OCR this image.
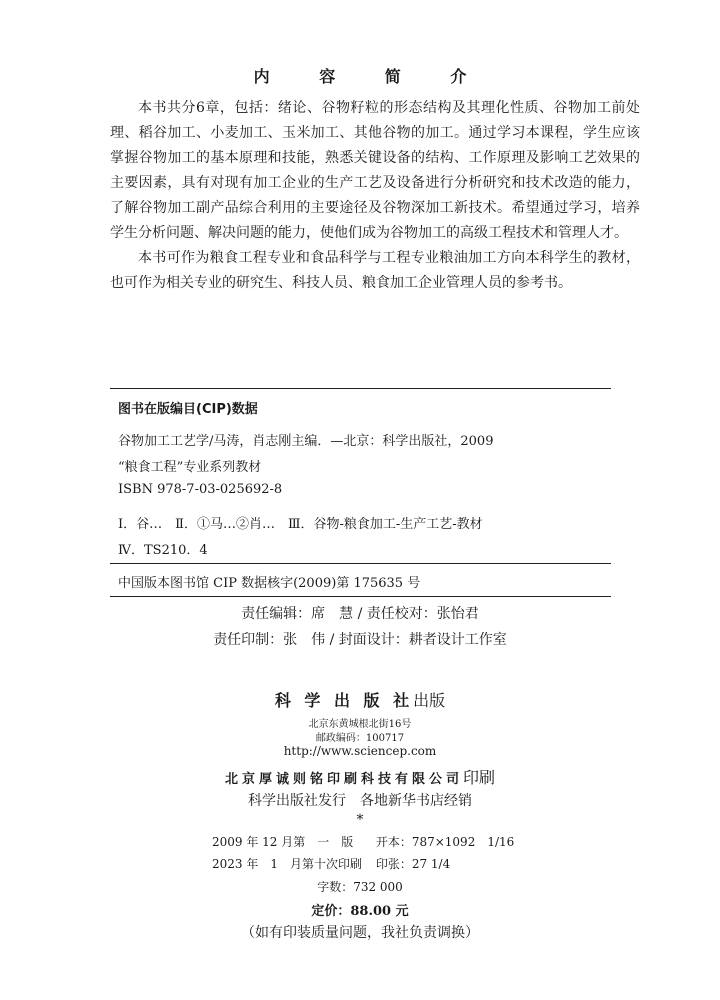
内 容 简 介

本书共分6章，包括：绪论、谷物籽粒的形态结构及其理化性质、谷物加工前处理、稻谷加工、小麦加工、玉米加工、其他谷物的加工。通过学习本课程，学生应该掌握谷物加工的基本原理和技能，熟悉关键设备的结构、工作原理及影响工艺效果的主要因素，具有对现有加工企业的生产工艺及设备进行分析研究和技术改造的能力，了解谷物加工副产品综合利用的主要途径及谷物深加工新技术。希望通过学习，培养学生分析问题、解决问题的能力，使他们成为谷物加工的高级工程技术和管理人才。

本书可作为粮食工程专业和食品科学与工程专业粮油加工方向本科学生的教材，也可作为相关专业的研究生、科技人员、粮食加工企业管理人员的参考书。

图书在版编目(CIP)数据
谷物加工工艺学/马涛，肖志刚主编．—北京：科学出版社，2009
“粮食工程”专业系列教材
ISBN 978-7-03-025692-8
Ⅰ．谷…　Ⅱ．①马…②肖…　Ⅲ．谷物-粮食加工-生产工艺-教材
Ⅳ．TS210．4
中国版本图书馆 CIP 数据核字(2009)第 175635 号
责任编辑：席　慧 / 责任校对：张怡君
责任印制：张　伟 / 封面设计：耕者设计工作室
科 学 出 版 社出版
北京东黄城根北街16号
邮政编码：100717
http://www.sciencep.com
北京厚诚则铭印刷科技有限公司印刷
科学出版社发行　各地新华书店经销
*
2009 年 12 月第　一　版 开本：787×1092　1/16
2023 年　1　月第十次印刷 印张：27 1/4
字数：732 000
定价：88.00 元
（如有印装质量问题，我社负责调换）
